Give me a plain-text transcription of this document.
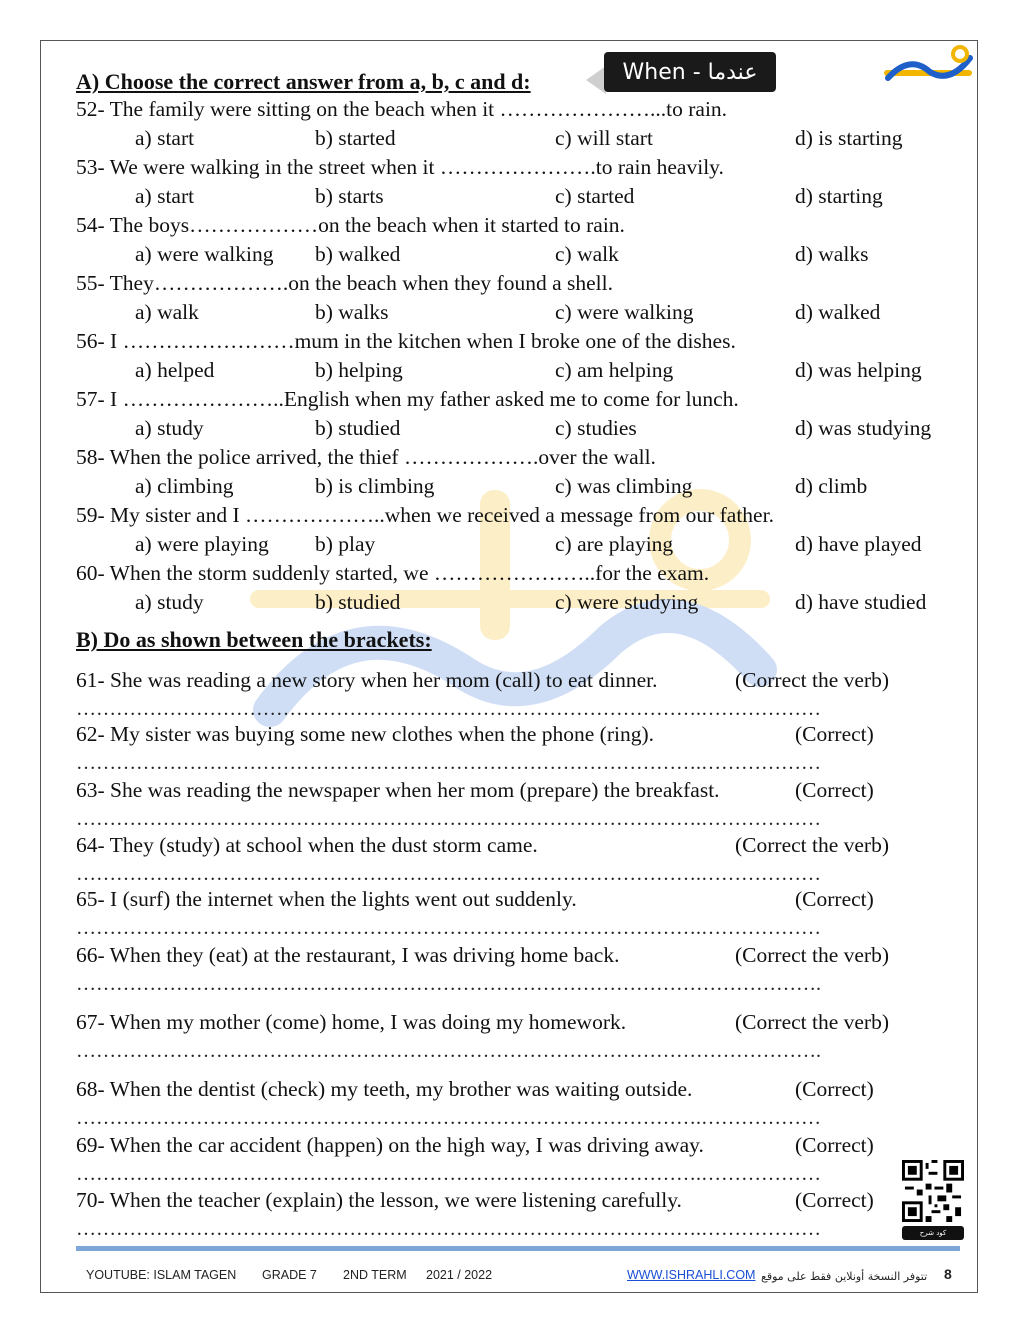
A) Choose the correct answer from a, b, c and d:	When - عندما
52- The family were sitting on the beach when it …………………...to rain.
a) start	b) started	c) will start	d) is starting
53- We were walking in the street when it ………………….to rain heavily.
a) start	b) starts	c) started	d) starting
54- The boys………………on the beach when it started to rain.
a) were walking b) walked	c) walk	d) walks
55- They……………….on the beach when they found a shell.
a) walk	b) walks	c) were walking	d) walked
56- I ……………………mum in the kitchen when I broke one of the dishes.
a) helped	b) helping	c) am helping	d) was helping
57- I …………………..English when my father asked me to come for lunch.
a) study	b) studied	c) studies	d) was studying
58- When the police arrived, the thief ……………….over the wall.
a) climbing	b) is climbing	c) was climbing	d) climb
59- My sister and I ………………..when we received a message from our father.
a) were playing b) play	c) are playing	d) have played
60- When the storm suddenly started, we …………………..for the exam.
a) study	b) studied	c) were studying	d) have studied
B) Do as shown between the brackets:
61- She was reading a new story when her mom (call) to eat dinner.	(Correct the verb)
………………………………………………………………………………….………………
62- My sister was buying some new clothes when the phone (ring).	(Correct)
………………………………………………………………………………….………………
63- She was reading the newspaper when her mom (prepare) the breakfast.	(Correct)
………………………………………………………………………………….………………
64- They (study) at school when the dust storm came.	(Correct the verb)
………………………………………………………………………………….………………
65- I (surf) the internet when the lights went out suddenly.	(Correct)
………………………………………………………………………………….………………
66- When they (eat) at the restaurant, I was driving home back.	(Correct the verb)
………………………………………………………………………………………………….
67- When my mother (come) home, I was doing my homework.	(Correct the verb)
………………………………………………………………………………………………….
68- When the dentist (check) my teeth, my brother was waiting outside.	(Correct)
………………………………………………………………………………….………………
69- When the car accident (happen) on the high way, I was driving away.	(Correct)
………………………………………………………………………………….………………
70- When the teacher (explain) the lesson, we were listening carefully.	(Correct)
………………………………………………………………………………….………………	كود شرح
YOUTUBE: ISLAM TAGEN GRADE 7 2ND TERM 2021 / 2022	WWW.ISHRAHLI.COM تتوفر النسخة أونلاين فقط على موقع 8
